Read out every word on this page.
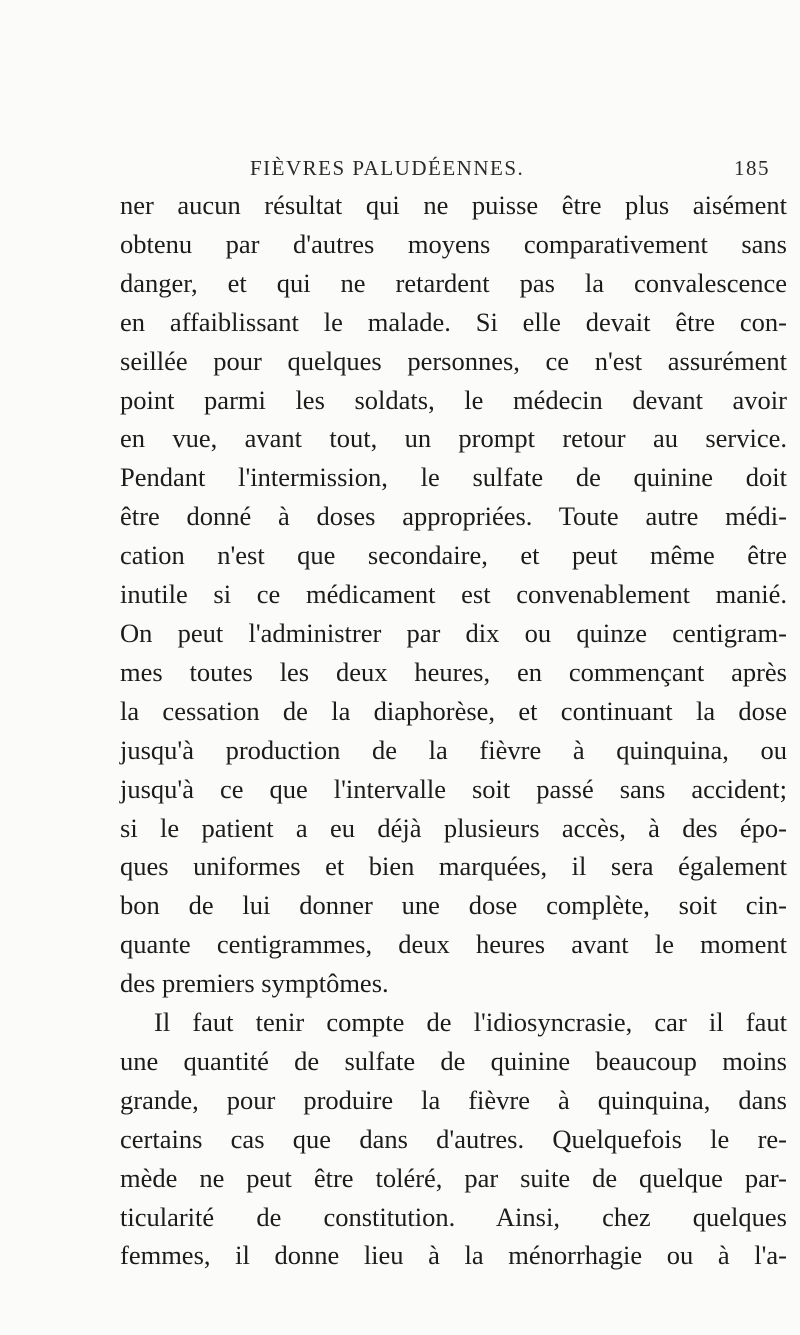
FIÈVRES PALUDÉENNES.	185
ner aucun résultat qui ne puisse être plus aisément
obtenu par d'autres moyens comparativement sans
danger, et qui ne retardent pas la convalescence
en affaiblissant le malade. Si elle devait être con-
seillée pour quelques personnes, ce n'est assurément
point parmi les soldats, le médecin devant avoir
en vue, avant tout, un prompt retour au service.
Pendant l'intermission, le sulfate de quinine doit
être donné à doses appropriées. Toute autre médi-
cation n'est que secondaire, et peut même être
inutile si ce médicament est convenablement manié.
On peut l'administrer par dix ou quinze centigram-
mes toutes les deux heures, en commençant après
la cessation de la diaphorèse, et continuant la dose
jusqu'à production de la fièvre à quinquina, ou
jusqu'à ce que l'intervalle soit passé sans accident;
si le patient a eu déjà plusieurs accès, à des épo-
ques uniformes et bien marquées, il sera également
bon de lui donner une dose complète, soit cin-
quante centigrammes, deux heures avant le moment
des premiers symptômes.
Il faut tenir compte de l'idiosyncrasie, car il faut
une quantité de sulfate de quinine beaucoup moins
grande, pour produire la fièvre à quinquina, dans
certains cas que dans d'autres. Quelquefois le re-
mède ne peut être toléré, par suite de quelque par-
ticularité de constitution. Ainsi, chez quelques
femmes, il donne lieu à la ménorrhagie ou à l'a-
